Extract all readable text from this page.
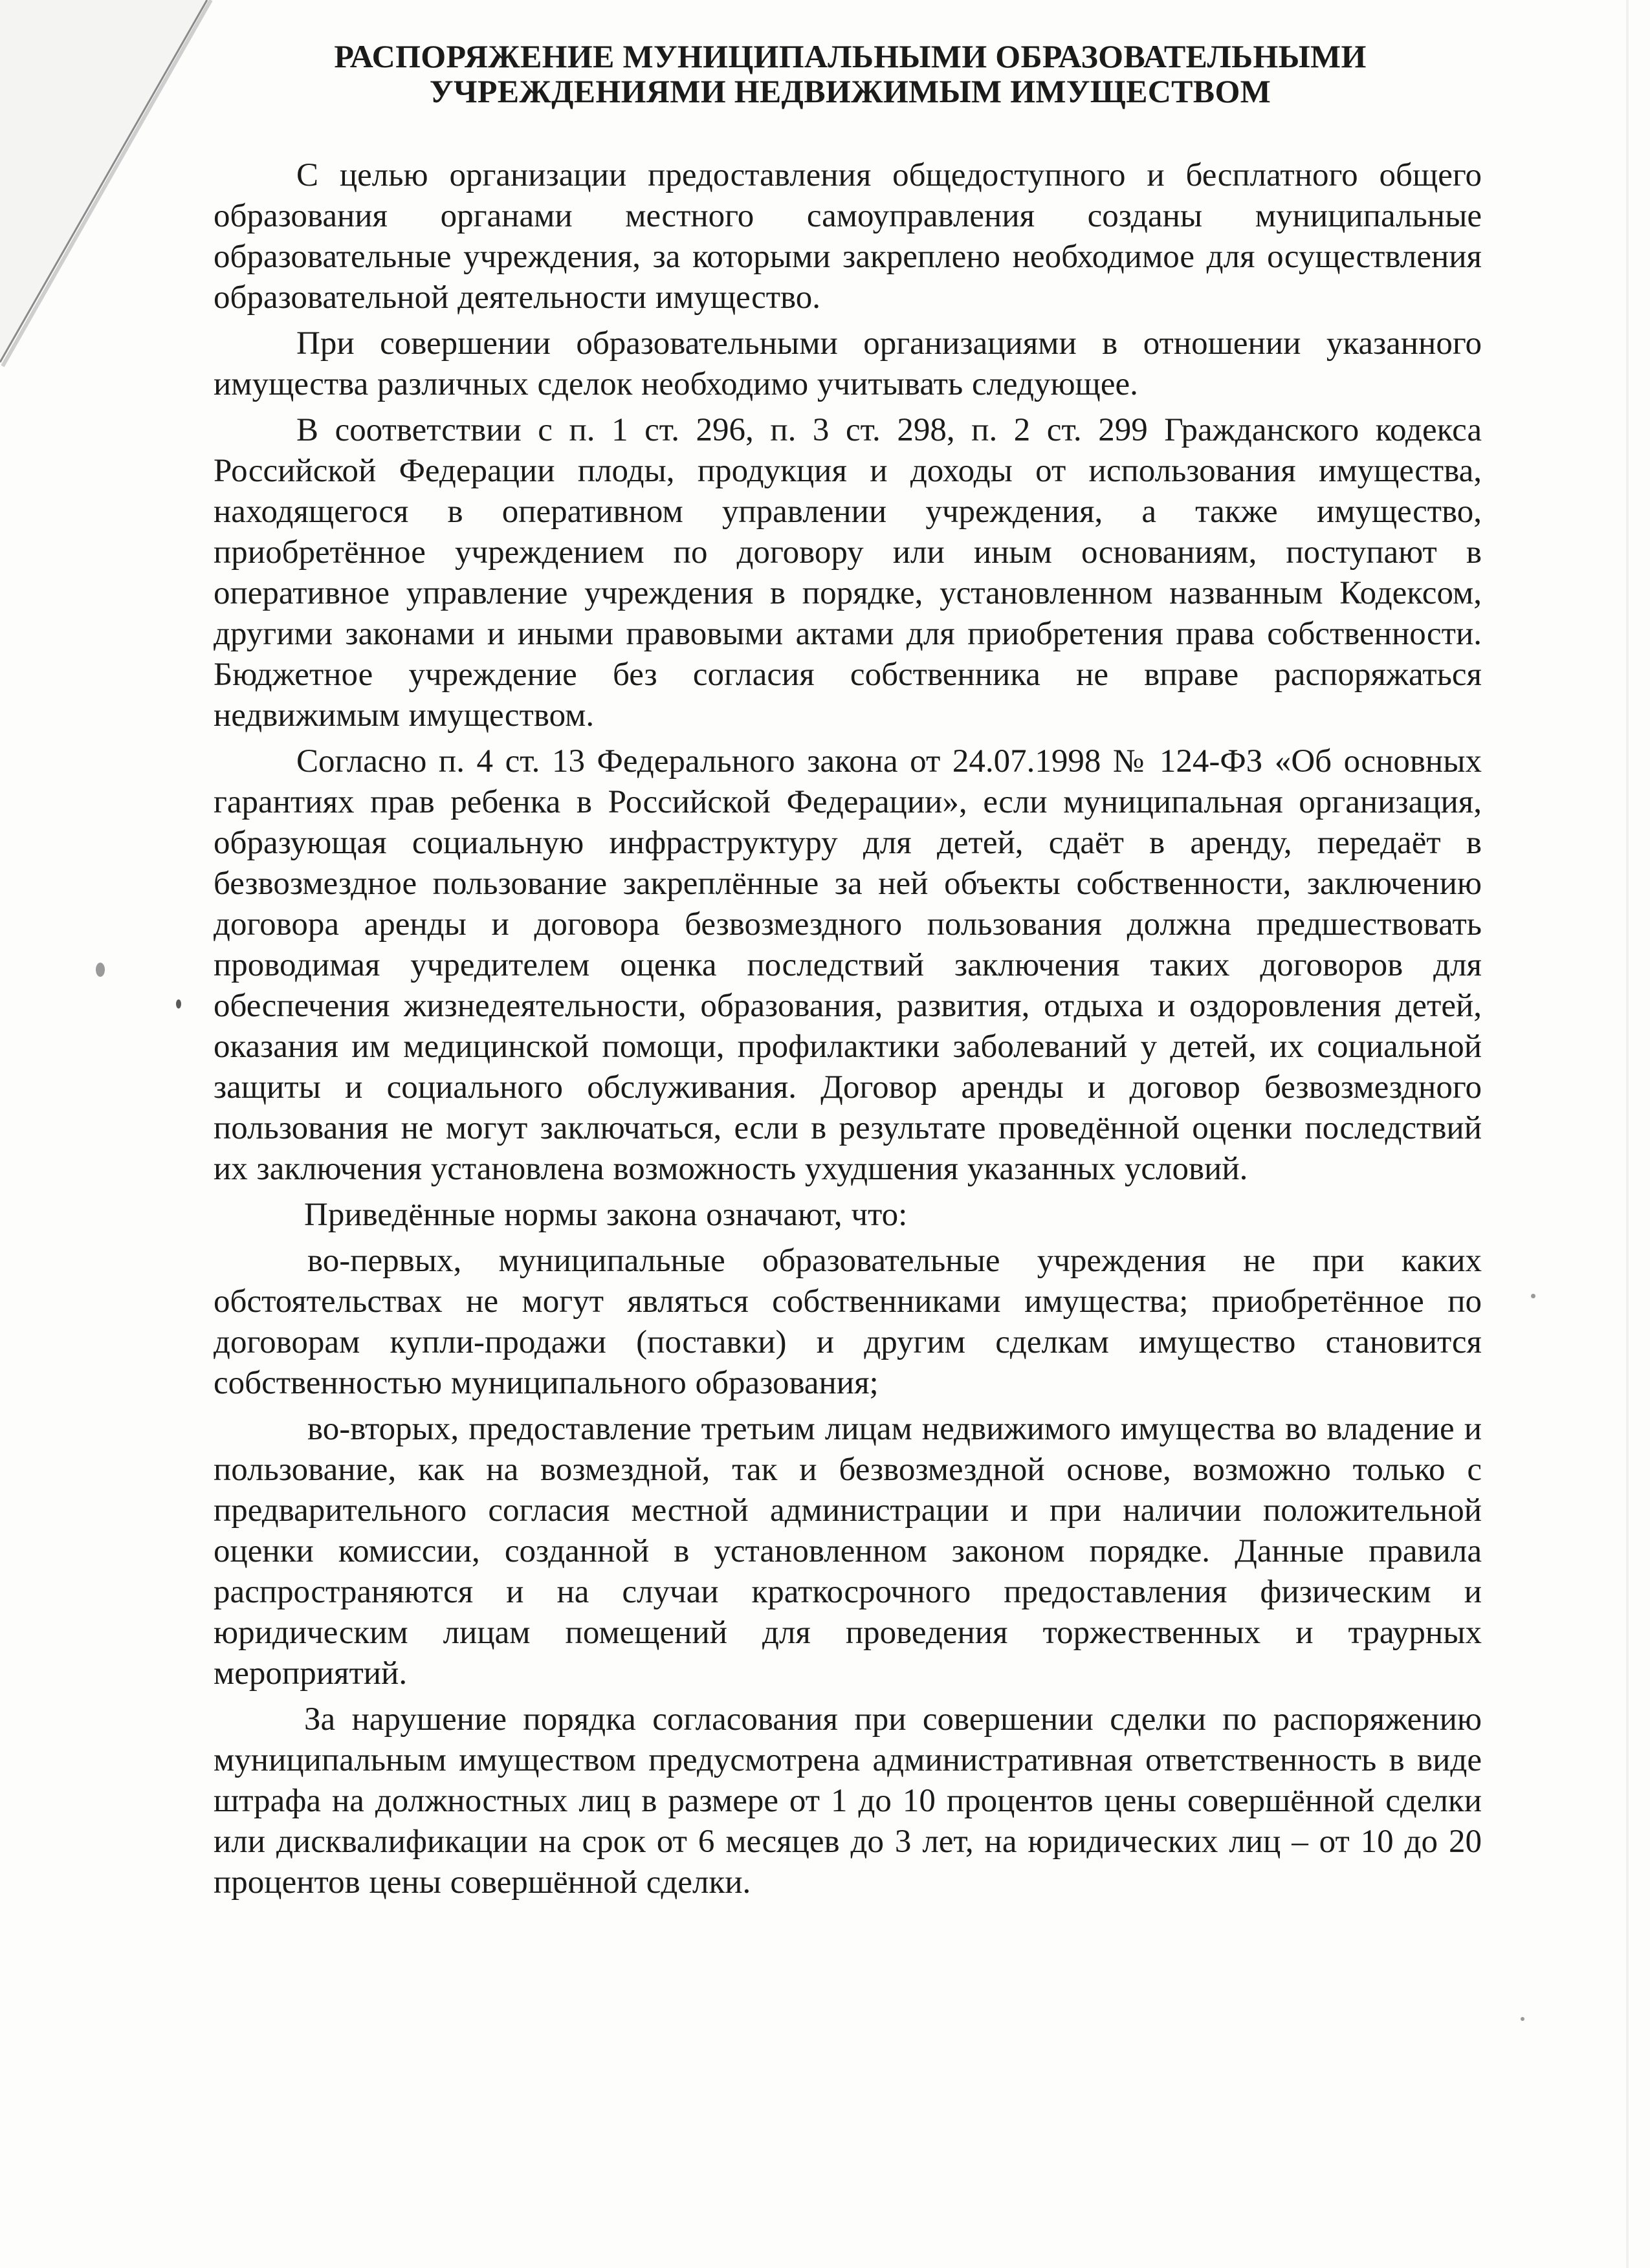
РАСПОРЯЖЕНИЕ МУНИЦИПАЛЬНЫМИ ОБРАЗОВАТЕЛЬНЫМИ
УЧРЕЖДЕНИЯМИ НЕДВИЖИМЫМ ИМУЩЕСТВОМ

С целью организации предоставления общедоступного и бесплатного общего образования органами местного самоуправления созданы муниципальные образовательные учреждения, за которыми закреплено необходимое для осуществления образовательной деятельности имущество.

При совершении образовательными организациями в отношении указанного имущества различных сделок необходимо учитывать следующее.

В соответствии с п. 1 ст. 296, п. 3 ст. 298, п. 2 ст. 299 Гражданского кодекса Российской Федерации плоды, продукция и доходы от использования имущества, находящегося в оперативном управлении учреждения, а также имущество, приобретённое учреждением по договору или иным основаниям, поступают в оперативное управление учреждения в порядке, установленном названным Кодексом, другими законами и иными правовыми актами для приобретения права собственности. Бюджетное учреждение без согласия собственника не вправе распоряжаться недвижимым имуществом.

Согласно п. 4 ст. 13 Федерального закона от 24.07.1998 № 124-ФЗ «Об основных гарантиях прав ребенка в Российской Федерации», если муниципальная организация, образующая социальную инфраструктуру для детей, сдаёт в аренду, передаёт в безвозмездное пользование закреплённые за ней объекты собственности, заключению договора аренды и договора безвозмездного пользования должна предшествовать проводимая учредителем оценка последствий заключения таких договоров для обеспечения жизнедеятельности, образования, развития, отдыха и оздоровления детей, оказания им медицинской помощи, профилактики заболеваний у детей, их социальной защиты и социального обслуживания. Договор аренды и договор безвозмездного пользования не могут заключаться, если в результате проведённой оценки последствий их заключения установлена возможность ухудшения указанных условий.

Приведённые нормы закона означают, что:

во-первых, муниципальные образовательные учреждения не при каких обстоятельствах не могут являться собственниками имущества; приобретённое по договорам купли-продажи (поставки) и другим сделкам имущество становится собственностью муниципального образования;

во-вторых, предоставление третьим лицам недвижимого имущества во владение и пользование, как на возмездной, так и безвозмездной основе, возможно только с предварительного согласия местной администрации и при наличии положительной оценки комиссии, созданной в установленном законом порядке. Данные правила распространяются и на случаи краткосрочного предоставления физическим и юридическим лицам помещений для проведения торжественных и траурных мероприятий.

За нарушение порядка согласования при совершении сделки по распоряжению муниципальным имуществом предусмотрена административная ответственность в виде штрафа на должностных лиц в размере от 1 до 10 процентов цены совершённой сделки или дисквалификации на срок от 6 месяцев до 3 лет, на юридических лиц – от 10 до 20 процентов цены совершённой сделки.
